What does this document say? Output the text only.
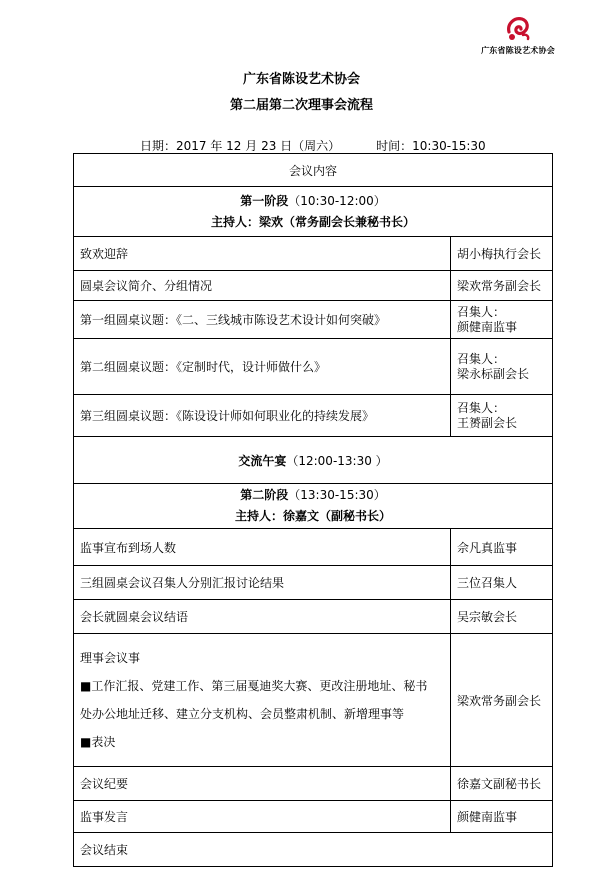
广东省陈设艺术协会
广东省陈设艺术协会
第二届第二次理事会流程
日期：2017 年 12 月 23 日（周六）	时间：10:30-15:30
会议内容	

第一阶段（10:30-12:00）
主持人：梁欢（常务副会长兼秘书长）	

致欢迎辞	胡小梅执行会长
圆桌会议简介、分组情况	梁欢常务副会长
第一组圆桌议题：《二、三线城市陈设艺术设计如何突破》	召集人：
颜健南监事

第二组圆桌议题：《定制时代，设计师做什么》	召集人：
梁永标副会长

第三组圆桌议题：《陈设设计师如何职业化的持续发展》	召集人：
王赟副会长

交流午宴（12:00-13:30 ）	

第二阶段（13:30-15:30）
主持人：徐嘉文（副秘书长）	

监事宣布到场人数	佘凡真监事
三组圆桌会议召集人分别汇报讨论结果	三位召集人
会长就圆桌会议结语	吴宗敏会长

理事会议事
■工作汇报、党建工作、第三届戛迪奖大赛、更改注册地址、秘书
处办公地址迁移、建立分支机构、会员整肃机制、新增理事等
■表决	梁欢常务副会长
会议纪要	徐嘉文副秘书长
监事发言	颜健南监事
会议结束	
